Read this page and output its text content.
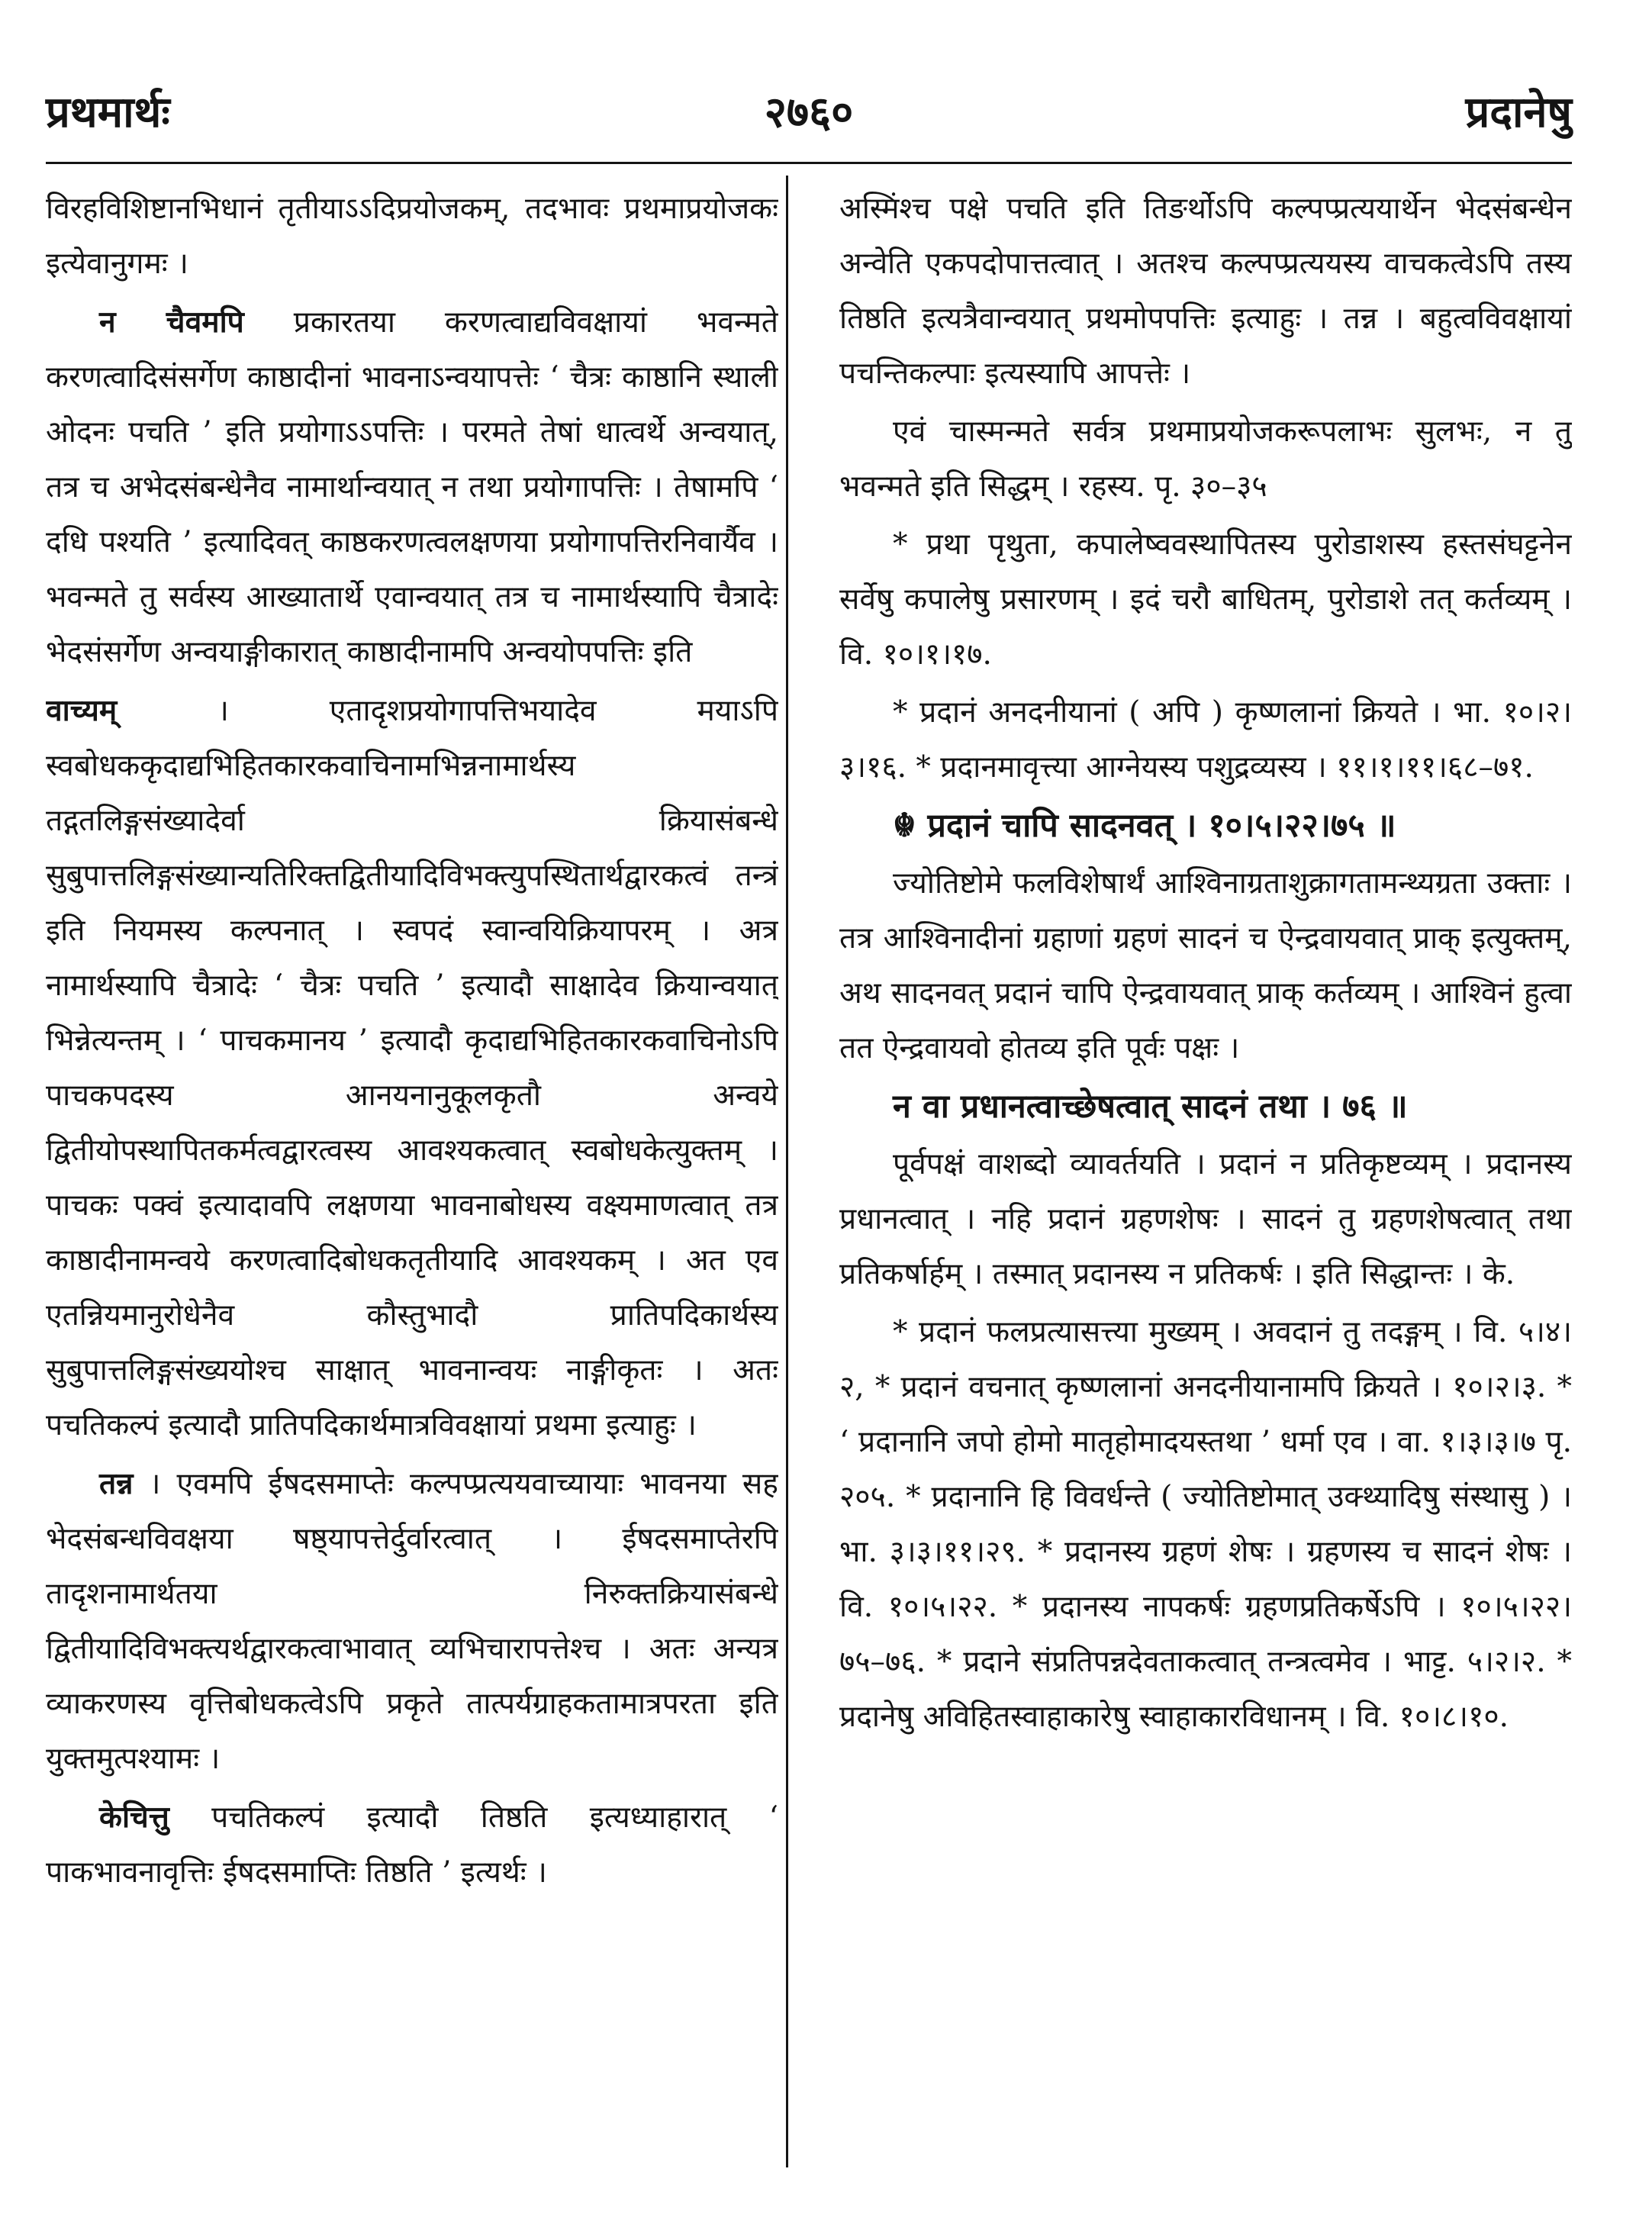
प्रथमार्थः	२७६०	प्रदानेषु

विरहविशिष्टानभिधानं तृतीयाऽऽदिप्रयोजकम्, तदभावः प्रथमाप्रयोजकः इत्येवानुगमः ।

न चैवमपि प्रकारतया करणत्वाद्यविवक्षायां भवन्मते करणत्वादिसंसर्गेण काष्ठादीनां भावनाऽन्वयापत्तेः ‘ चैत्रः काष्ठानि स्थाली ओदनः पचति ’ इति प्रयोगाऽऽपत्तिः । परमते तेषां धात्वर्थे अन्वयात्, तत्र च अभेदसंबन्धेनैव नामार्थान्वयात् न तथा प्रयोगापत्तिः । तेषामपि ‘ दधि पश्यति ’ इत्यादिवत् काष्ठकरणत्वलक्षणया प्रयोगापत्तिरनिवार्यैव । भवन्मते तु सर्वस्य आख्यातार्थे एवान्वयात् तत्र च नामार्थस्यापि चैत्रादेः भेदसंसर्गेण अन्वयाङ्गीकारात् काष्ठादीनामपि अन्वयोपपत्तिः इति

वाच्यम् । एतादृशप्रयोगापत्तिभयादेव मयाऽपि स्वबोधककृदाद्यभिहितकारकवाचिनामभिन्ननामार्थस्य तद्गतलिङ्गसंख्यादेर्वा क्रियासंबन्धे सुबुपात्तलिङ्गसंख्यान्यतिरिक्तद्वितीयादिविभक्त्युपस्थितार्थद्वारकत्वं तन्त्रं इति नियमस्य कल्पनात् । स्वपदं स्वान्वयिक्रियापरम् । अत्र नामार्थस्यापि चैत्रादेः ‘ चैत्रः पचति ’ इत्यादौ साक्षादेव क्रियान्वयात् भिन्नेत्यन्तम् । ‘ पाचकमानय ’ इत्यादौ कृदाद्यभिहितकारकवाचिनोऽपि पाचकपदस्य आनयनानुकूलकृतौ अन्वये द्वितीयोपस्थापितकर्मत्वद्वारत्वस्य आवश्यकत्वात् स्वबोधकेत्युक्तम् । पाचकः पक्वं इत्यादावपि लक्षणया भावनाबोधस्य वक्ष्यमाणत्वात् तत्र काष्ठादीनामन्वये करणत्वादिबोधकतृतीयादि आवश्यकम् । अत एव एतन्नियमानुरोधेनैव कौस्तुभादौ प्रातिपदिकार्थस्य सुबुपात्तलिङ्गसंख्ययोश्च साक्षात् भावनान्वयः नाङ्गीकृतः । अतः पचतिकल्पं इत्यादौ प्रातिपदिकार्थमात्रविवक्षायां प्रथमा इत्याहुः ।

तन्न । एवमपि ईषदसमाप्तेः कल्पप्प्रत्ययवाच्यायाः भावनया सह भेदसंबन्धविवक्षया षष्ठ्यापत्तेर्दुर्वारत्वात् । ईषदसमाप्तेरपि तादृशनामार्थतया निरुक्तक्रियासंबन्धे द्वितीयादिविभक्त्यर्थद्वारकत्वाभावात् व्यभिचारापत्तेश्च । अतः अन्यत्र व्याकरणस्य वृत्तिबोधकत्वेऽपि प्रकृते तात्पर्यग्राहकतामात्रपरता इति युक्तमुत्पश्यामः ।

केचित्तु पचतिकल्पं इत्यादौ तिष्ठति इत्यध्याहारात् ‘ पाकभावनावृत्तिः ईषदसमाप्तिः तिष्ठति ’ इत्यर्थः ।

अस्मिंश्च पक्षे पचति इति तिङर्थोऽपि कल्पप्प्रत्ययार्थेन भेदसंबन्धेन अन्वेति एकपदोपात्तत्वात् । अतश्च कल्पप्प्रत्ययस्य वाचकत्वेऽपि तस्य तिष्ठति इत्यत्रैवान्वयात् प्रथमोपपत्तिः इत्याहुः । तन्न । बहुत्वविवक्षायां पचन्तिकल्पाः इत्यस्यापि आपत्तेः ।

एवं चास्मन्मते सर्वत्र प्रथमाप्रयोजकरूपलाभः सुलभः, न तु भवन्मते इति सिद्धम् । रहस्य. पृ. ३०–३५

* प्रथा पृथुता, कपालेष्ववस्थापितस्य पुरोडाशस्य हस्तसंघट्टनेन सर्वेषु कपालेषु प्रसारणम् । इदं चरौ बाधितम्, पुरोडाशे तत् कर्तव्यम् । वि. १०।१।१७.

* प्रदानं अनदनीयानां ( अपि ) कृष्णलानां क्रियते । भा. १०।२।३।१६. * प्रदानमावृत्त्या आग्नेयस्य पशुद्रव्यस्य । ११।१।११।६८–७१.

☬ प्रदानं चापि सादनवत् । १०।५।२२।७५ ॥

ज्योतिष्टोमे फलविशेषार्थं आश्विनाग्रताशुक्रागतामन्थ्यग्रता उक्ताः । तत्र आश्विनादीनां ग्रहाणां ग्रहणं सादनं च ऐन्द्रवायवात् प्राक् इत्युक्तम्, अथ सादनवत् प्रदानं चापि ऐन्द्रवायवात् प्राक् कर्तव्यम् । आश्विनं हुत्वा तत ऐन्द्रवायवो होतव्य इति पूर्वः पक्षः ।

न वा प्रधानत्वाच्छेषत्वात् सादनं तथा । ७६ ॥

पूर्वपक्षं वाशब्दो व्यावर्तयति । प्रदानं न प्रतिकृष्टव्यम् । प्रदानस्य प्रधानत्वात् । नहि प्रदानं ग्रहणशेषः । सादनं तु ग्रहणशेषत्वात् तथा प्रतिकर्षार्हम् । तस्मात् प्रदानस्य न प्रतिकर्षः । इति सिद्धान्तः । के.

* प्रदानं फलप्रत्यासत्त्या मुख्यम् । अवदानं तु तदङ्गम् । वि. ५।४।२, * प्रदानं वचनात् कृष्णलानां अनदनीयानामपि क्रियते । १०।२।३. * ‘ प्रदानानि जपो होमो मातृहोमादयस्तथा ’ धर्मा एव । वा. १।३।३।७ पृ. २०५. * प्रदानानि हि विवर्धन्ते ( ज्योतिष्टोमात् उक्थ्यादिषु संस्थासु ) । भा. ३।३।११।२९. * प्रदानस्य ग्रहणं शेषः । ग्रहणस्य च सादनं शेषः । वि. १०।५।२२. * प्रदानस्य नापकर्षः ग्रहणप्रतिकर्षेऽपि । १०।५।२२। ७५–७६. * प्रदाने संप्रतिपन्नदेवताकत्वात् तन्त्रत्वमेव । भाट्ट. ५।२।२. * प्रदानेषु अविहितस्वाहाकारेषु स्वाहाकारविधानम् । वि. १०।८।१०.
